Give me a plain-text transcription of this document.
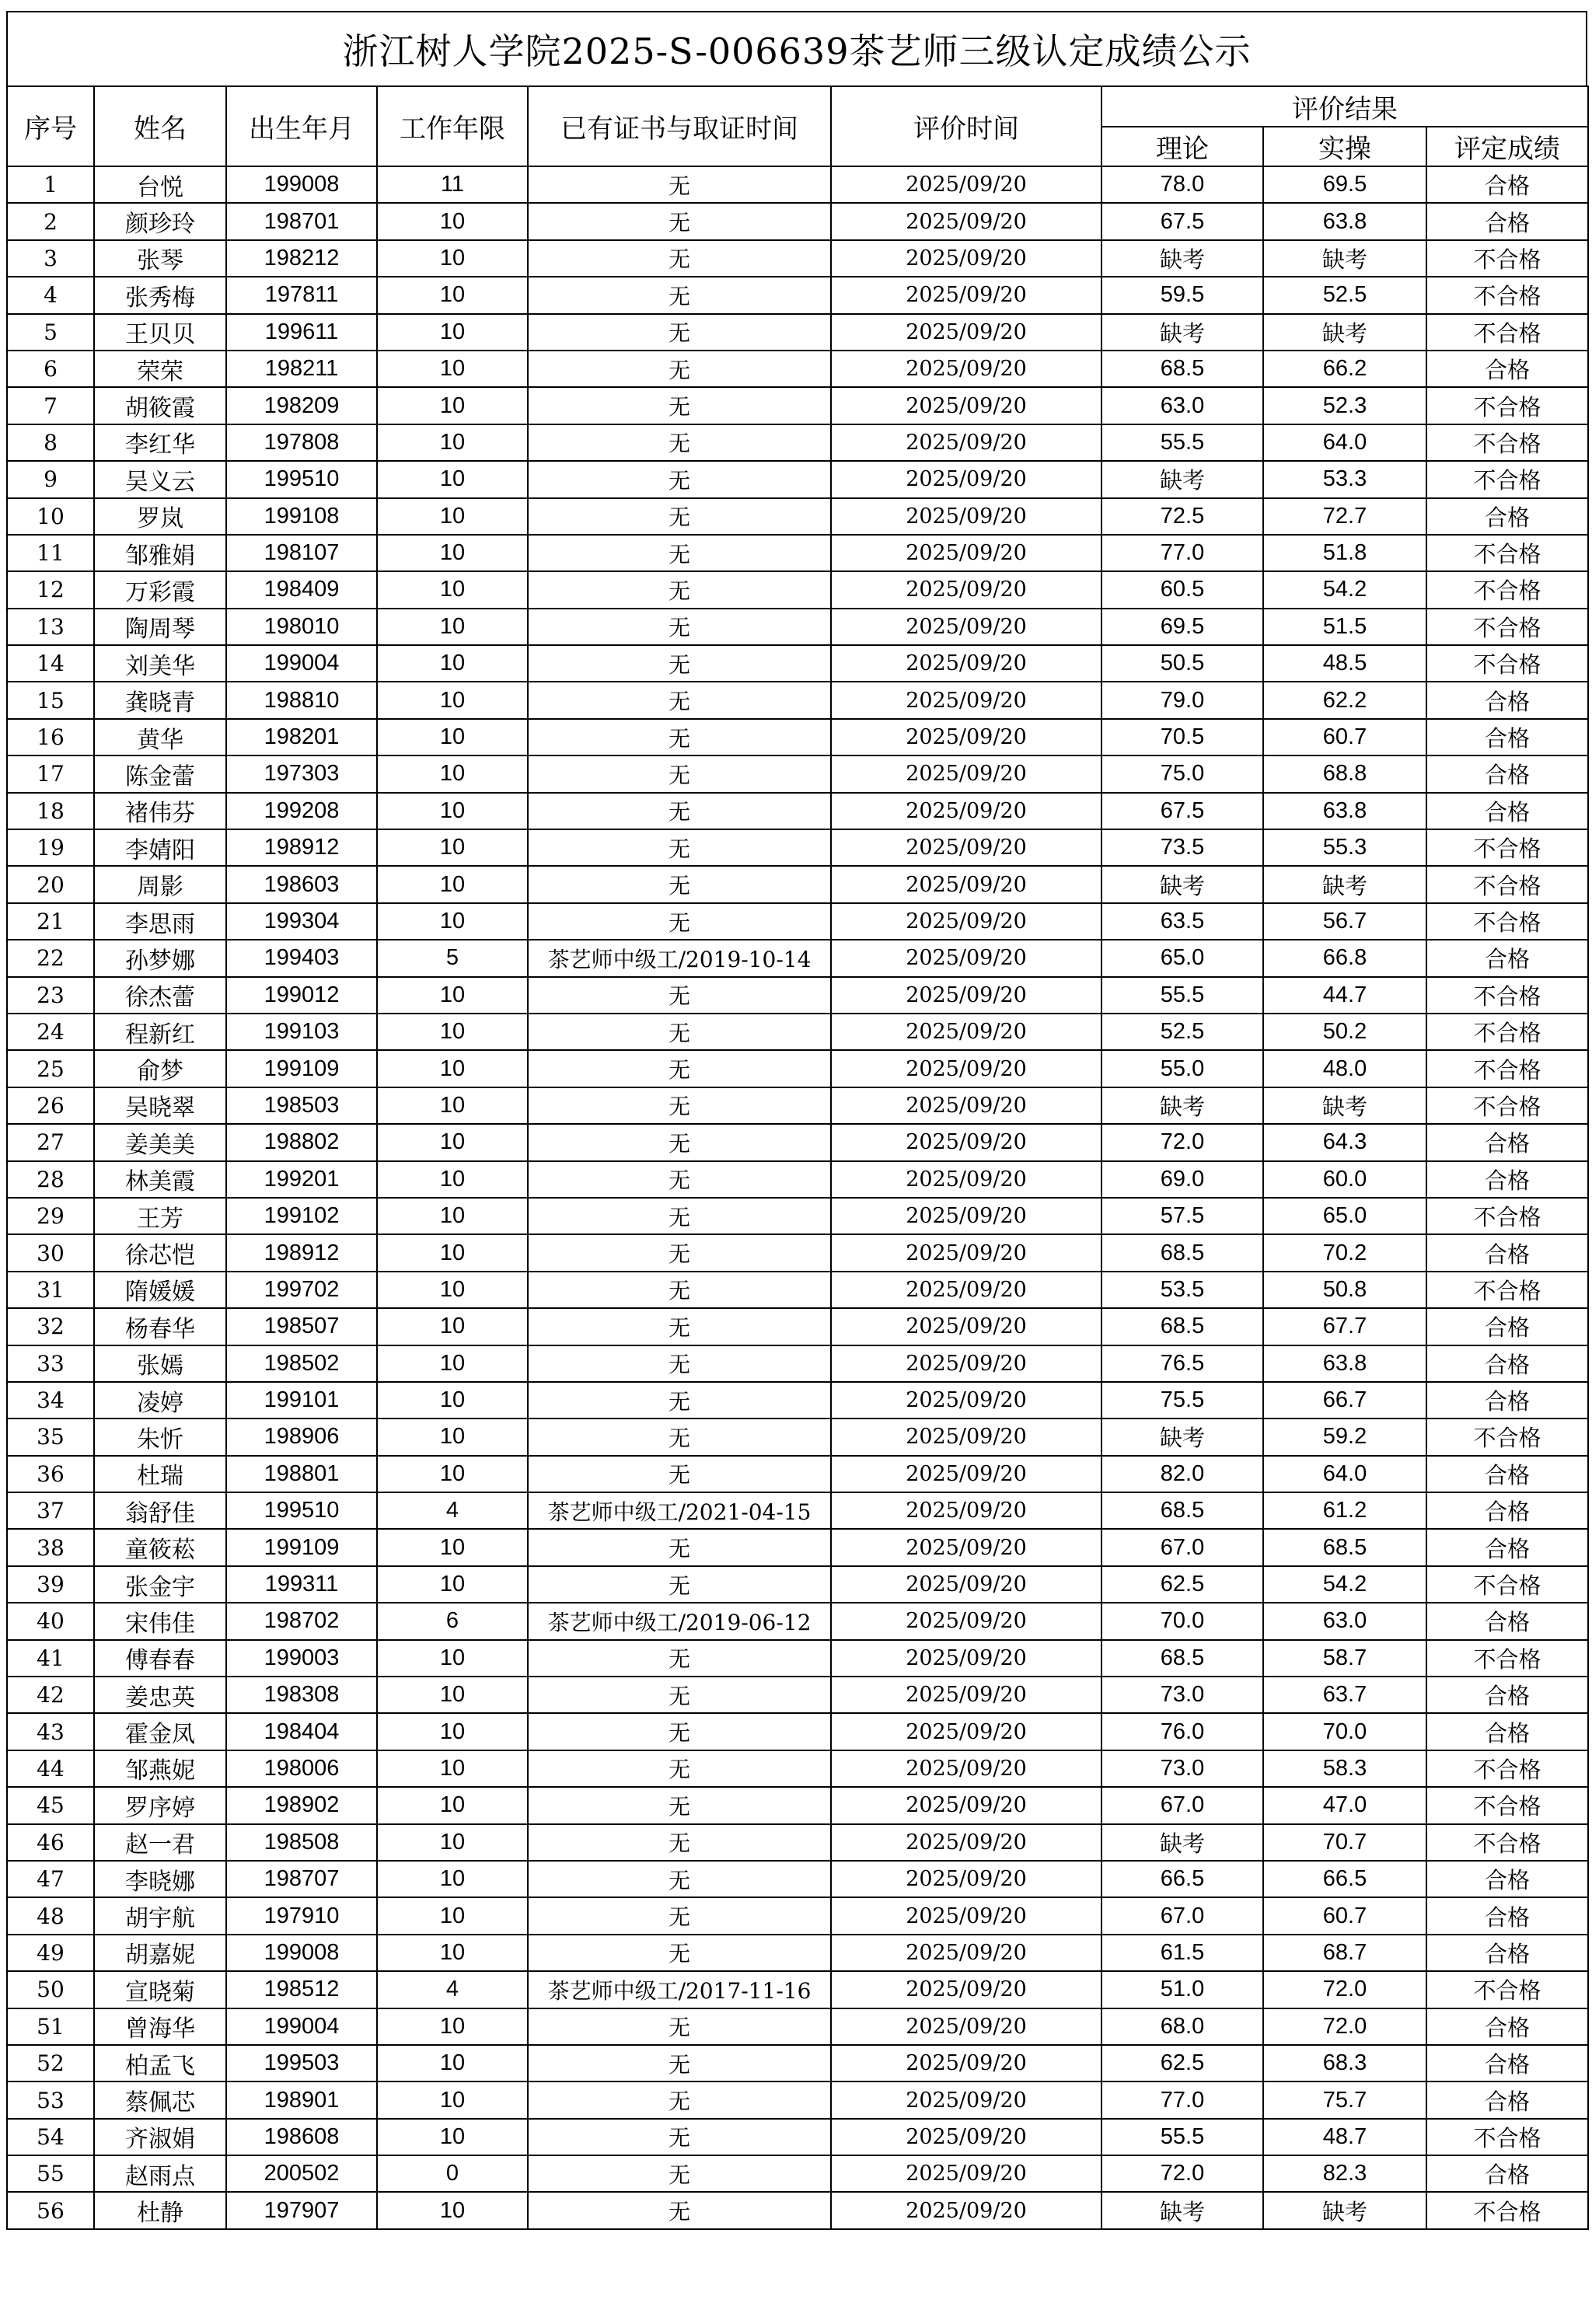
浙江树人学院2025-S-006639茶艺师三级认定成绩公示
序号	姓名	出生年月	工作年限	已有证书与取证时间	评价时间	评价结果		
						理论	实操	评定成绩
1	台悦	199008	11	无	2025/09/20	78.0	69.5	合格
2	颜珍玲	198701	10	无	2025/09/20	67.5	63.8	合格
3	张琴	198212	10	无	2025/09/20	缺考	缺考	不合格
4	张秀梅	197811	10	无	2025/09/20	59.5	52.5	不合格
5	王贝贝	199611	10	无	2025/09/20	缺考	缺考	不合格
6	荣荣	198211	10	无	2025/09/20	68.5	66.2	合格
7	胡筱霞	198209	10	无	2025/09/20	63.0	52.3	不合格
8	李红华	197808	10	无	2025/09/20	55.5	64.0	不合格
9	吴义云	199510	10	无	2025/09/20	缺考	53.3	不合格
10	罗岚	199108	10	无	2025/09/20	72.5	72.7	合格
11	邹雅娟	198107	10	无	2025/09/20	77.0	51.8	不合格
12	万彩霞	198409	10	无	2025/09/20	60.5	54.2	不合格
13	陶周琴	198010	10	无	2025/09/20	69.5	51.5	不合格
14	刘美华	199004	10	无	2025/09/20	50.5	48.5	不合格
15	龚晓青	198810	10	无	2025/09/20	79.0	62.2	合格
16	黄华	198201	10	无	2025/09/20	70.5	60.7	合格
17	陈金蕾	197303	10	无	2025/09/20	75.0	68.8	合格
18	褚伟芬	199208	10	无	2025/09/20	67.5	63.8	合格
19	李婧阳	198912	10	无	2025/09/20	73.5	55.3	不合格
20	周影	198603	10	无	2025/09/20	缺考	缺考	不合格
21	李思雨	199304	10	无	2025/09/20	63.5	56.7	不合格
22	孙梦娜	199403	5	茶艺师中级工/2019-10-14	2025/09/20	65.0	66.8	合格
23	徐杰蕾	199012	10	无	2025/09/20	55.5	44.7	不合格
24	程新红	199103	10	无	2025/09/20	52.5	50.2	不合格
25	俞梦	199109	10	无	2025/09/20	55.0	48.0	不合格
26	吴晓翠	198503	10	无	2025/09/20	缺考	缺考	不合格
27	姜美美	198802	10	无	2025/09/20	72.0	64.3	合格
28	林美霞	199201	10	无	2025/09/20	69.0	60.0	合格
29	王芳	199102	10	无	2025/09/20	57.5	65.0	不合格
30	徐芯恺	198912	10	无	2025/09/20	68.5	70.2	合格
31	隋媛媛	199702	10	无	2025/09/20	53.5	50.8	不合格
32	杨春华	198507	10	无	2025/09/20	68.5	67.7	合格
33	张嫣	198502	10	无	2025/09/20	76.5	63.8	合格
34	凌婷	199101	10	无	2025/09/20	75.5	66.7	合格
35	朱忻	198906	10	无	2025/09/20	缺考	59.2	不合格
36	杜瑞	198801	10	无	2025/09/20	82.0	64.0	合格
37	翁舒佳	199510	4	茶艺师中级工/2021-04-15	2025/09/20	68.5	61.2	合格
38	童筱菘	199109	10	无	2025/09/20	67.0	68.5	合格
39	张金宇	199311	10	无	2025/09/20	62.5	54.2	不合格
40	宋伟佳	198702	6	茶艺师中级工/2019-06-12	2025/09/20	70.0	63.0	合格
41	傅春春	199003	10	无	2025/09/20	68.5	58.7	不合格
42	姜忠英	198308	10	无	2025/09/20	73.0	63.7	合格
43	霍金凤	198404	10	无	2025/09/20	76.0	70.0	合格
44	邹燕妮	198006	10	无	2025/09/20	73.0	58.3	不合格
45	罗序婷	198902	10	无	2025/09/20	67.0	47.0	不合格
46	赵一君	198508	10	无	2025/09/20	缺考	70.7	不合格
47	李晓娜	198707	10	无	2025/09/20	66.5	66.5	合格
48	胡宇航	197910	10	无	2025/09/20	67.0	60.7	合格
49	胡嘉妮	199008	10	无	2025/09/20	61.5	68.7	合格
50	宣晓菊	198512	4	茶艺师中级工/2017-11-16	2025/09/20	51.0	72.0	不合格
51	曾海华	199004	10	无	2025/09/20	68.0	72.0	合格
52	柏孟飞	199503	10	无	2025/09/20	62.5	68.3	合格
53	蔡佩芯	198901	10	无	2025/09/20	77.0	75.7	合格
54	齐淑娟	198608	10	无	2025/09/20	55.5	48.7	不合格
55	赵雨点	200502	0	无	2025/09/20	72.0	82.3	合格
56	杜静	197907	10	无	2025/09/20	缺考	缺考	不合格
